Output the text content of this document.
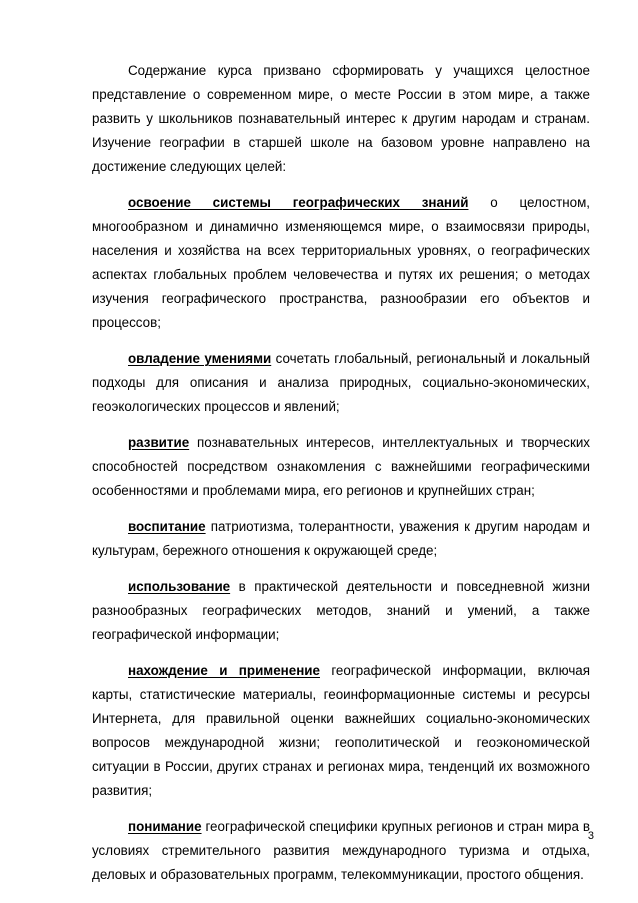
Содержание курса призвано сформировать у учащихся целостное представление о современном мире, о месте России в этом мире, а также развить у школьников познавательный интерес к другим народам и странам. Изучение географии в старшей школе на базовом уровне направлено на достижение следующих целей:

освоение системы географических знаний о целостном, многообразном и динамично изменяющемся мире, о взаимосвязи природы, населения и хозяйства на всех территориальных уровнях, о географических аспектах глобальных проблем человечества и путях их решения; о методах изучения географического пространства, разнообразии его объектов и процессов;

овладение умениями сочетать глобальный, региональный и локальный подходы для описания и анализа природных, социально-экономических, геоэкологических процессов и явлений;

развитие познавательных интересов, интеллектуальных и творческих способностей посредством ознакомления с важнейшими географическими особенностями и проблемами мира, его регионов и крупнейших стран;

воспитание патриотизма, толерантности, уважения к другим народам и культурам, бережного отношения к окружающей среде;

использование в практической деятельности и повседневной жизни разнообразных географических методов, знаний и умений, а также географической информации;

нахождение и применение географической информации, включая карты, статистические материалы, геоинформационные системы и ресурсы Интернета, для правильной оценки важнейших социально-экономических вопросов международной жизни; геополитической и геоэкономической ситуации в России, других странах и регионах мира, тенденций их возможного развития;

понимание географической специфики крупных регионов и стран мира в условиях стремительного развития международного туризма и отдыха, деловых и образовательных программ, телекоммуникации, простого общения.

3
